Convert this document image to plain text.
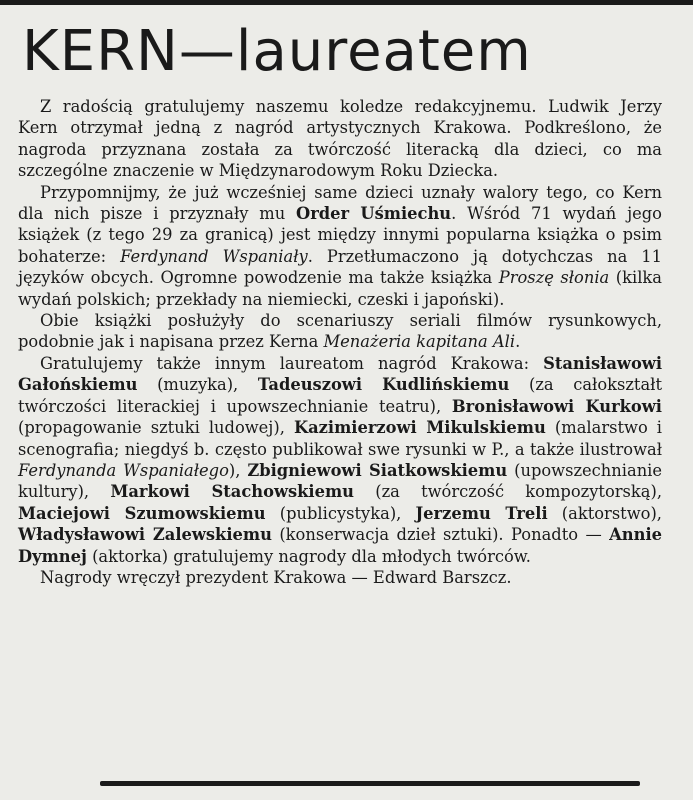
KERN—laureatem

Z radością gratulujemy naszemu koledze redakcyjnemu. Ludwik Jerzy Kern otrzymał jedną z nagród artystycznych Krakowa. Podkreślono, że nagroda przyznana została za twórczość literacką dla dzieci, co ma szczególne znaczenie w Międzynarodowym Roku Dziecka.

Przypomnijmy, że już wcześniej same dzieci uznały walory tego, co Kern dla nich pisze i przyznały mu Order Uśmiechu. Wśród 71 wydań jego książek (z tego 29 za granicą) jest między innymi popularna książka o psim bohaterze: Ferdynand Wspaniały. Przetłumaczono ją dotychczas na 11 języków obcych. Ogromne powodzenie ma także książka Proszę słonia (kilka wydań polskich; przekłady na niemiecki, czeski i japoński).

Obie książki posłużyły do scenariuszy seriali filmów rysunkowych, podobnie jak i napisana przez Kerna Menażeria kapitana Ali.

Gratulujemy także innym laureatom nagród Krakowa: Stanisławowi Gałońskiemu (muzyka), Tadeuszowi Kudlińskiemu (za całokształt twórczości literackiej i upowszechnianie teatru), Bronisławowi Kurkowi (propagowanie sztuki ludowej), Kazimierzowi Mikulskiemu (malarstwo i scenografia; niegdyś b. często publikował swe rysunki w P., a także ilustrował Ferdynanda Wspaniałego), Zbigniewowi Siatkowskiemu (upowszechnianie kultury), Markowi Stachowskiemu (za twórczość kompozytorską), Maciejowi Szumowskiemu (publicystyka), Jerzemu Treli (aktorstwo), Władysławowi Zalewskiemu (konserwacja dzieł sztuki). Ponadto — Annie Dymnej (aktorka) gratulujemy nagrody dla młodych twórców.

Nagrody wręczył prezydent Krakowa — Edward Barszcz.
